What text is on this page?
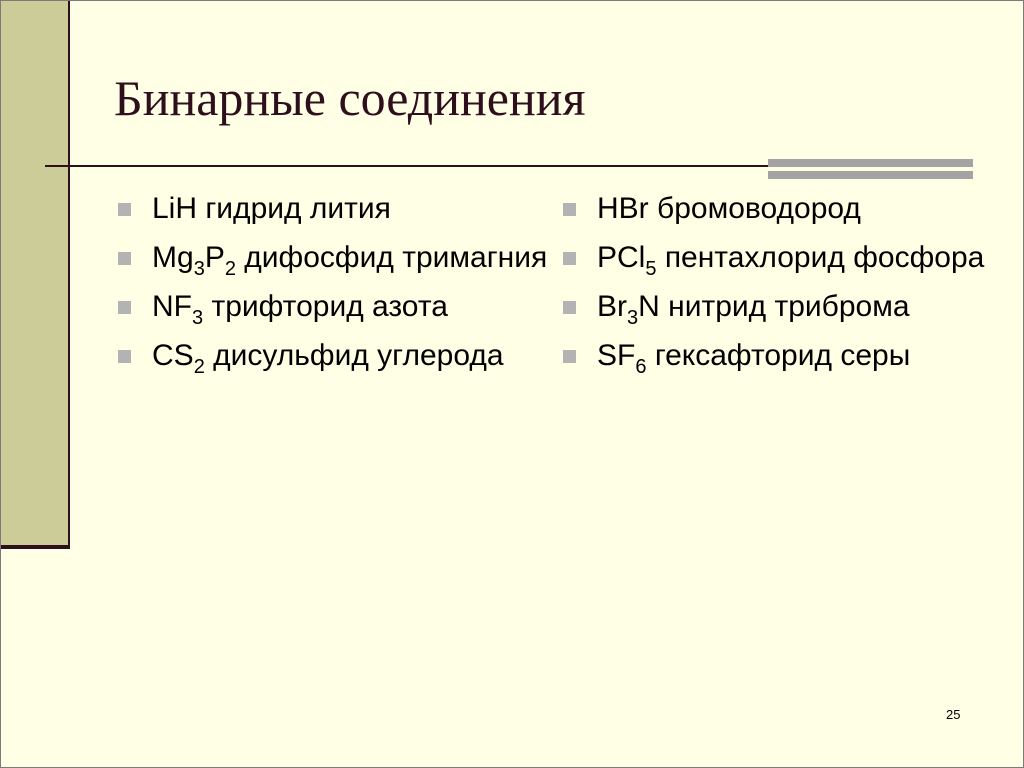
Бинарные соединения
LiH гидрид лития
$Mg_3P_2$ дифосфид тримагния
$NF_3$ трифторид азота
$CS_2$ дисульфид углерода
HBr бромоводород
PCl$_5$ пентахлорид фосфора
$Br_3N$ нитрид триброма
$SF_6$ гексафторид серы
25
